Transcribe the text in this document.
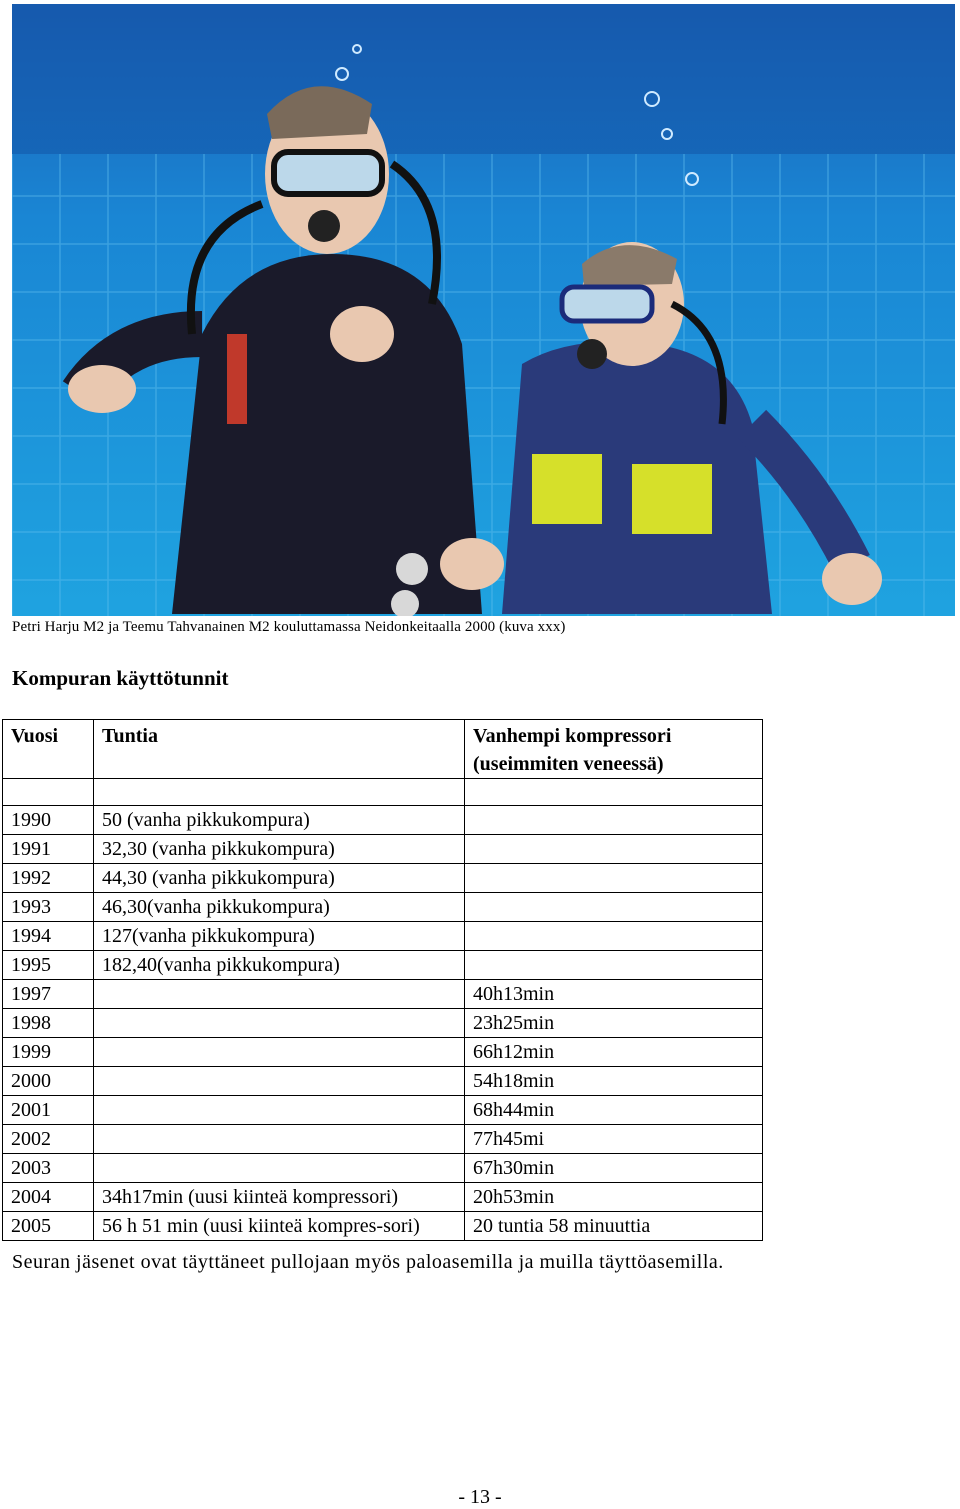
Petri Harju M2 ja Teemu Tahvanainen M2 kouluttamassa Neidonkeitaalla 2000 (kuva xxx)
Kompuran käyttötunnit
Vuosi	Tuntia	Vanhempi kompressori
(useimmiten veneessä)

1990	50 (vanha pikkukompura)	
1991	32,30 (vanha pikkukompura)	
1992	44,30 (vanha pikkukompura)	
1993	46,30(vanha pikkukompura)	
1994	127(vanha pikkukompura)	
1995	182,40(vanha pikkukompura)	
1997		40h13min
1998		23h25min
1999		66h12min
2000		54h18min
2001		68h44min
2002		77h45mi
2003		67h30min
2004	34h17min (uusi kiinteä kompressori)	20h53min
2005	56 h 51 min (uusi kiinteä kompres-sori)	20 tuntia 58 minuuttia
Seuran jäsenet ovat täyttäneet pullojaan myös paloasemilla ja muilla täyttöasemilla.
- 13 -
